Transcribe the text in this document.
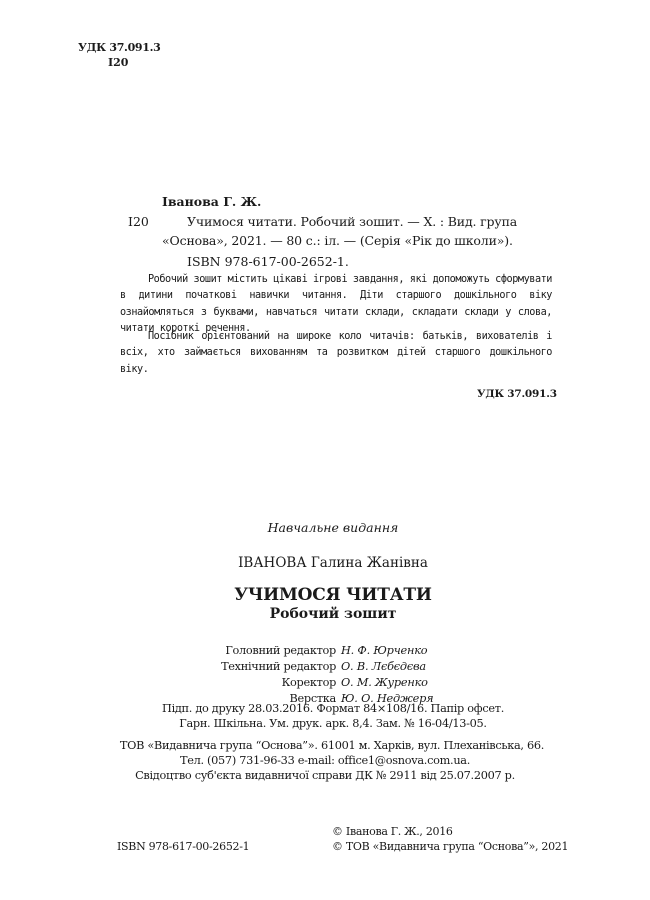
УДК 37.091.3
I20
Іванова Г. Ж.
I20	Учимося читати. Робочий зошит. — Х. : Вид. група
«Основа», 2021. — 80 с.: іл. — (Серія «Рік до школи»).
ISBN 978-617-00-2652-1.

Робочий зошит містить цікаві ігрові завдання, які допоможуть сформувати в дитини початкові навички читання. Діти старшого дошкільного віку ознайомляться з буквами, навчаться читати склади, складати склади у слова, читати короткі речення.

Посібник орієнтований на широке коло читачів: батьків, вихователів і всіх, хто займається вихованням та розвитком дітей старшого дошкільного віку.

УДК 37.091.3
Навчальне видання
ІВАНОВА Галина Жанівна
УЧИМОСЯ ЧИТАТИ
Робочий зошит
Головний редактор Н. Ф. Юрченко
Технічний редактор О. В. Лєбєдєва
Коректор О. М. Журенко
Верстка Ю. О. Неджеря
Підп. до друку 28.03.2016. Формат 84×108/16. Папір офсет.
Гарн. Шкільна. Ум. друк. арк. 8,4. Зам. № 16-04/13-05.
ТОВ «Видавнича група “Основа”». 61001 м. Харків, вул. Плеханівська, 66.
Тел. (057) 731-96-33 e-mail: office1@osnova.com.ua.
Свідоцтво суб'єкта видавничої справи ДК № 2911 від 25.07.2007 р.
ISBN 978-617-00-2652-1
© Іванова Г. Ж., 2016
© ТОВ «Видавнича група “Основа”», 2021
